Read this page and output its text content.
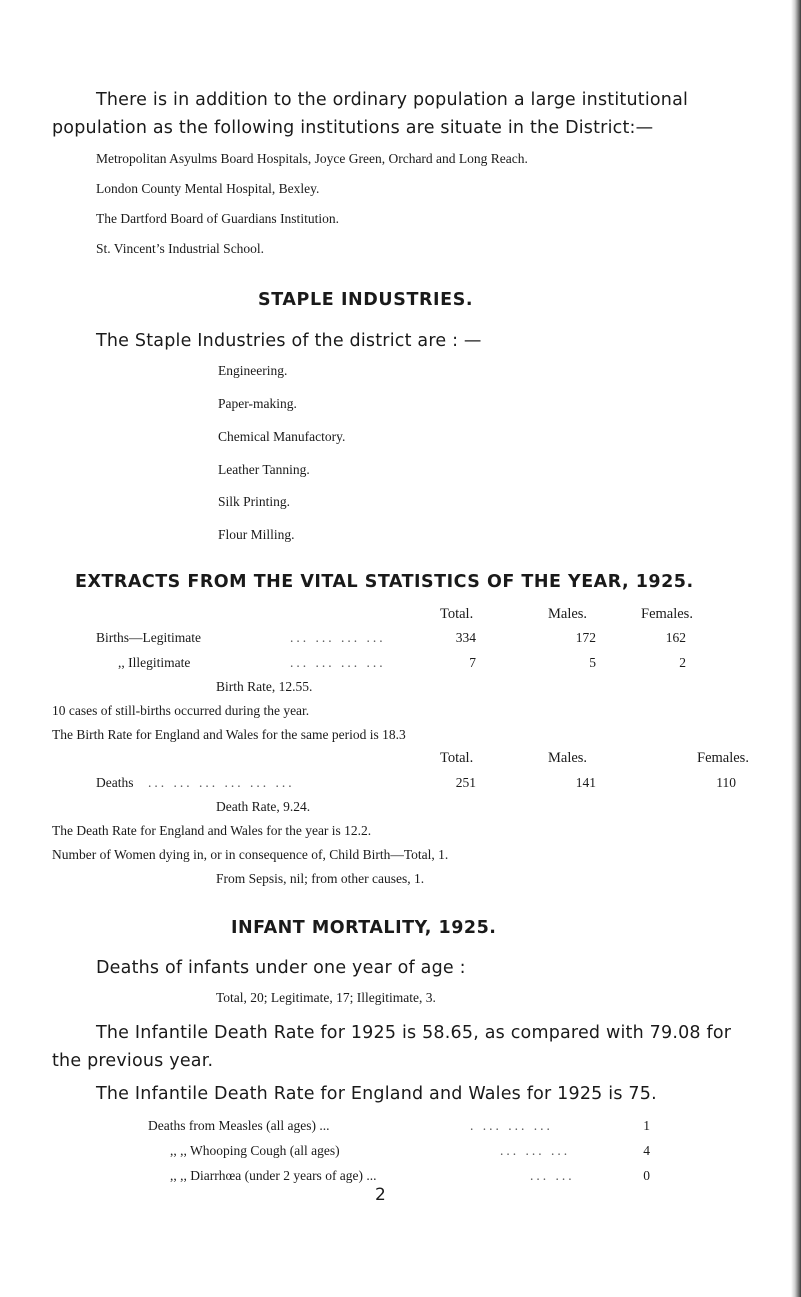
There is in addition to the ordinary population a large institutional
population as the following institutions are situate in the District:—
Metropolitan Asyulms Board Hospitals, Joyce Green, Orchard and Long Reach.
London County Mental Hospital, Bexley.
The Dartford Board of Guardians Institution.
St. Vincent’s Industrial School.
STAPLE INDUSTRIES.
The Staple Industries of the district are : —
Engineering.
Paper-making.
Chemical Manufactory.
Leather Tanning.
Silk Printing.
Flour Milling.
EXTRACTS FROM THE VITAL STATISTICS OF THE YEAR, 1925.
Total.	Males.	Females.
Births—Legitimate	... ... ... ...	334	172	162
,, Illegitimate	... ... ... ...	7	5	2
Birth Rate, 12.55.
10 cases of still-births occurred during the year.
The Birth Rate for England and Wales for the same period is 18.3
Total.	Males.	Females.
Deaths ... ... ... ... ... ...	251	141	110
Death Rate, 9.24.
The Death Rate for England and Wales for the year is 12.2.
Number of Women dying in, or in consequence of, Child Birth—Total, 1.
From Sepsis, nil; from other causes, 1.
INFANT MORTALITY, 1925.
Deaths of infants under one year of age :
Total, 20; Legitimate, 17; Illegitimate, 3.
The Infantile Death Rate for 1925 is 58.65, as compared with 79.08 for
the previous year.
The Infantile Death Rate for England and Wales for 1925 is 75.
Deaths from Measles (all ages) ...	. ... ... ...	1
,, ,, Whooping Cough (all ages)	... ... ...	4
,, ,, Diarrhœa (under 2 years of age) ...	... ...	0
2
